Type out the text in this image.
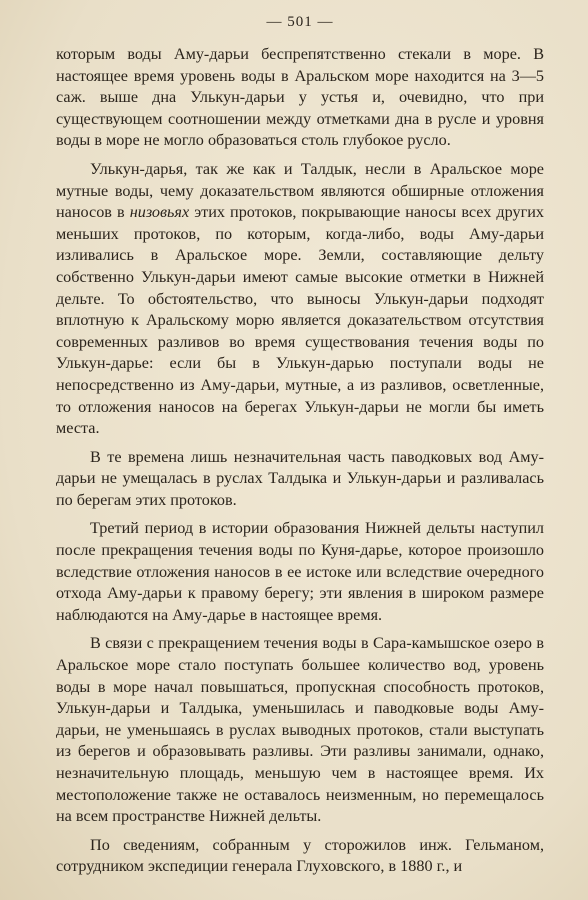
— 501 —

которым воды Аму-дарьи беспрепятственно стекали в море. В настоящее время уровень воды в Аральском море находится на 3—5 саж. выше дна Улькун-дарьи у устья и, очевидно, что при существующем соотношении между отметками дна в русле и уровня воды в море не могло образоваться столь глубокое русло.

Улькун-дарья, так же как и Талдык, несли в Аральское море мутные воды, чему доказательством являются обширные отложения наносов в низовьях этих протоков, покрывающие наносы всех других меньших протоков, по которым, когда-либо, воды Аму-дарьи изливались в Аральское море. Земли, составляющие дельту собственно Улькун-дарьи имеют самые высокие отметки в Нижней дельте. То обстоятельство, что выносы Улькун-дарьи подходят вплотную к Аральскому морю является доказательством отсутствия современных разливов во время существования течения воды по Улькун-дарье: если бы в Улькун-дарью поступали воды не непосредственно из Аму-дарьи, мутные, а из разливов, осветленные, то отложения наносов на берегах Улькун-дарьи не могли бы иметь места.

В те времена лишь незначительная часть паводковых вод Аму-дарьи не умещалась в руслах Талдыка и Улькун-дарьи и разливалась по берегам этих протоков.

Третий период в истории образования Нижней дельты наступил после прекращения течения воды по Куня-дарье, которое произошло вследствие отложения наносов в ее истоке или вследствие очередного отхода Аму-дарьи к правому берегу; эти явления в широком размере наблюдаются на Аму-дарье в настоящее время.

В связи с прекращением течения воды в Сара-камышское озеро в Аральское море стало поступать большее количество вод, уровень воды в море начал повышаться, пропускная способность протоков, Улькун-дарьи и Талдыка, уменьшилась и паводковые воды Аму-дарьи, не уменьшаясь в руслах выводных протоков, стали выступать из берегов и образовывать разливы. Эти разливы занимали, однако, незначительную площадь, меньшую чем в настоящее время. Их местоположение также не оставалось неизменным, но перемещалось на всем пространстве Нижней дельты.

По сведениям, собранным у сторожилов инж. Гельманом, сотрудником экспедиции генерала Глуховского, в 1880 г., и
